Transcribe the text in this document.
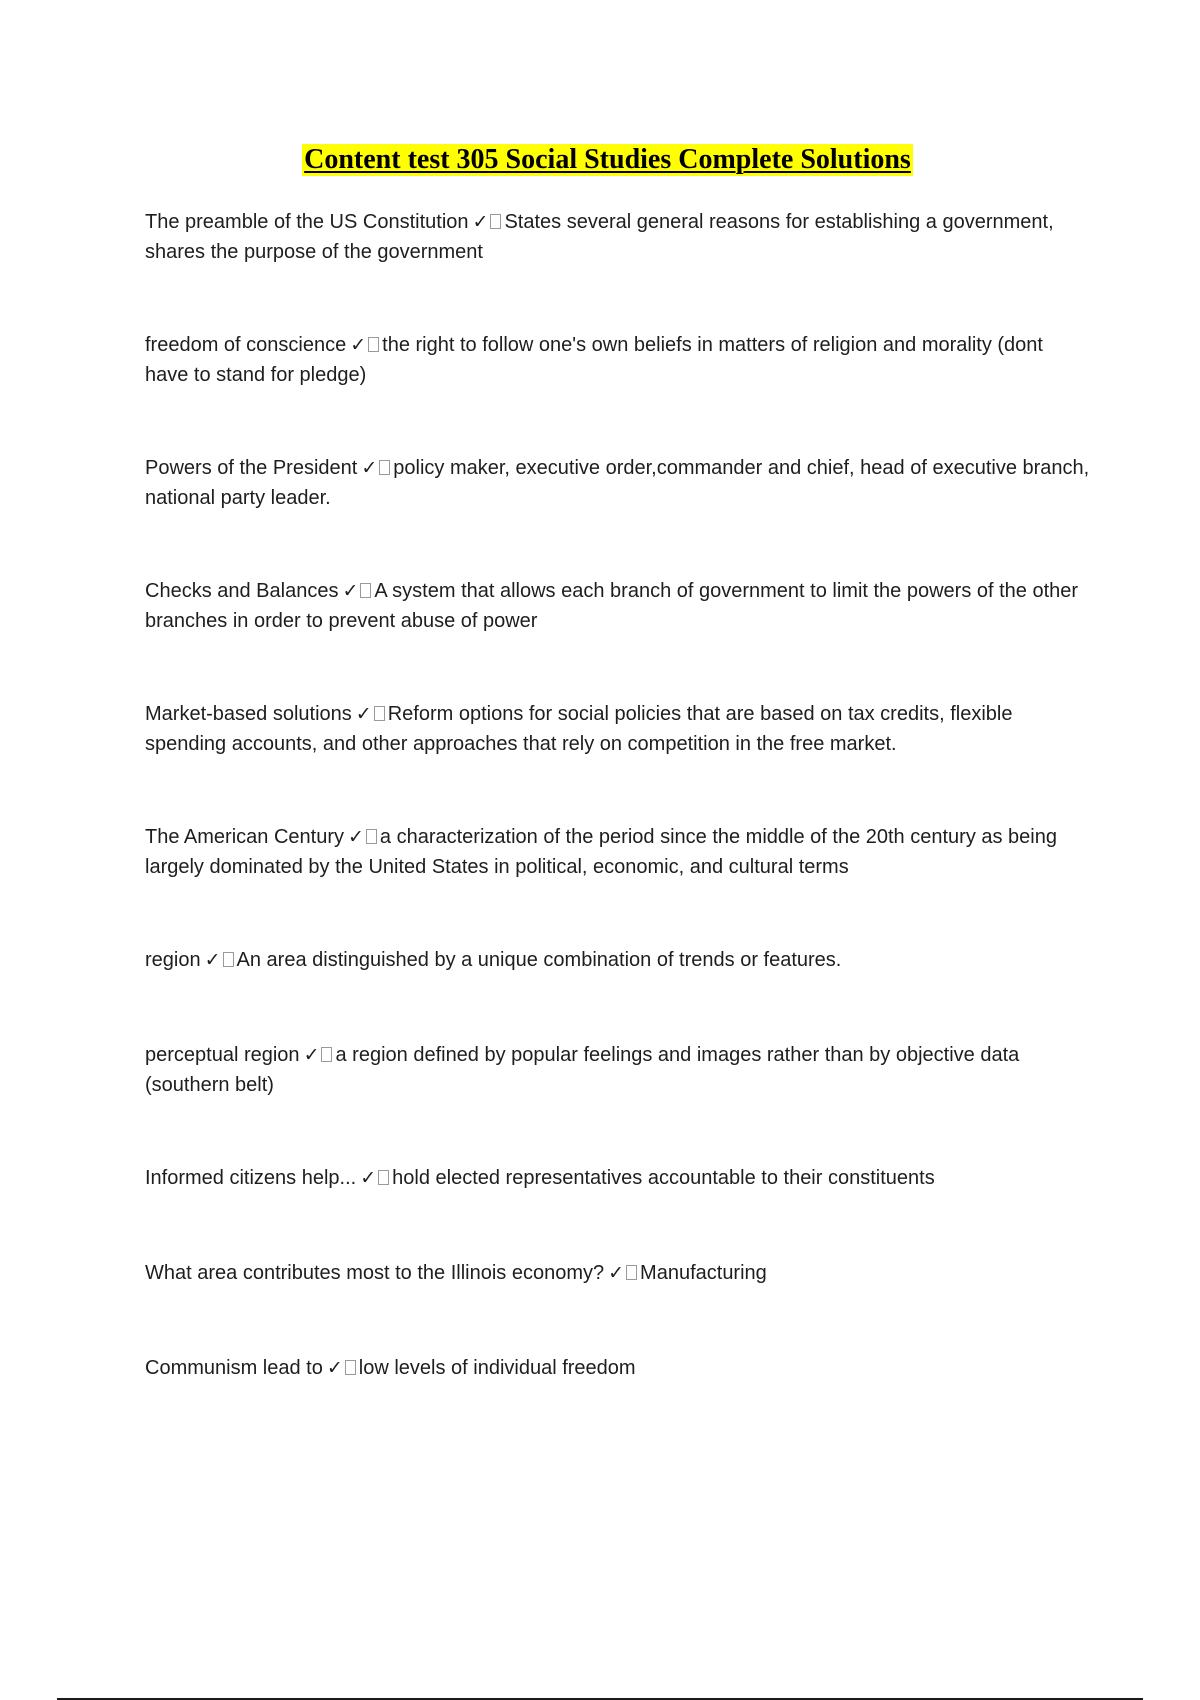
Content test 305 Social Studies Complete Solutions

The preamble of the US Constitution ✓ States several general reasons for establishing a government, shares the purpose of the government

freedom of conscience ✓ the right to follow one's own beliefs in matters of religion and morality (dont have to stand for pledge)

Powers of the President ✓ policy maker, executive order,commander and chief, head of executive branch, national party leader.

Checks and Balances ✓ A system that allows each branch of government to limit the powers of the other branches in order to prevent abuse of power

Market-based solutions ✓ Reform options for social policies that are based on tax credits, flexible spending accounts, and other approaches that rely on competition in the free market.

The American Century ✓ a characterization of the period since the middle of the 20th century as being largely dominated by the United States in political, economic, and cultural terms

region ✓ An area distinguished by a unique combination of trends or features.

perceptual region ✓ a region defined by popular feelings and images rather than by objective data (southern belt)

Informed citizens help... ✓ hold elected representatives accountable to their constituents

What area contributes most to the Illinois economy? ✓ Manufacturing

Communism lead to ✓ low levels of individual freedom
